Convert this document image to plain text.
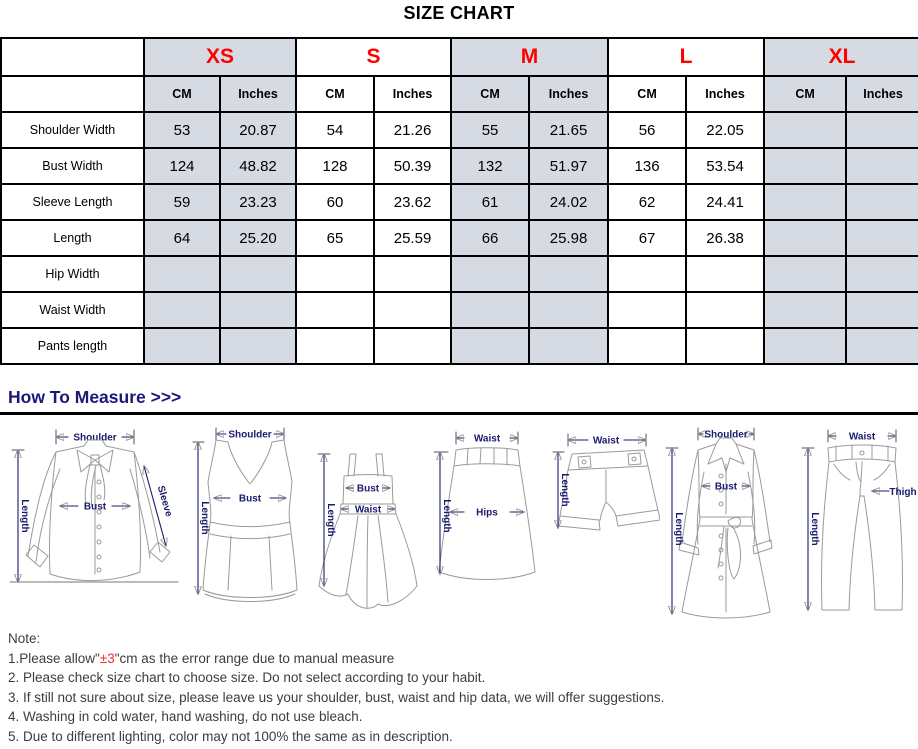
SIZE CHART
	XS		S		M		L		XL	
	CM	Inches	CM	Inches	CM	Inches	CM	Inches	CM	Inches
Shoulder Width	53	20.87	54	21.26	55	21.65	56	22.05		
Bust Width	124	48.82	128	50.39	132	51.97	136	53.54		
Sleeve Length	59	23.23	60	23.62	61	24.02	62	24.41		
Length	64	25.20	65	25.59	66	25.98	67	26.38		
Hip Width										
Waist Width										
Pants length										
How To Measure >>>
Shoulder
Bust
Length	Sleeve
Shoulder
Bust
Length
Bust
Waist
Length
Waist
Hips
Length
Waist
Length
Shoulder
Bust
Length
Waist
Thigh
Length
Note:
1.Please allow"±3"cm as the error range due to manual measure
2. Please check size chart to choose size. Do not select according to your habit.
3. If still not sure about size, please leave us your shoulder, bust, waist and hip data, we will offer suggestions.
4. Washing in cold water, hand washing, do not use bleach.
5. Due to different lighting, color may not 100% the same as in description.
